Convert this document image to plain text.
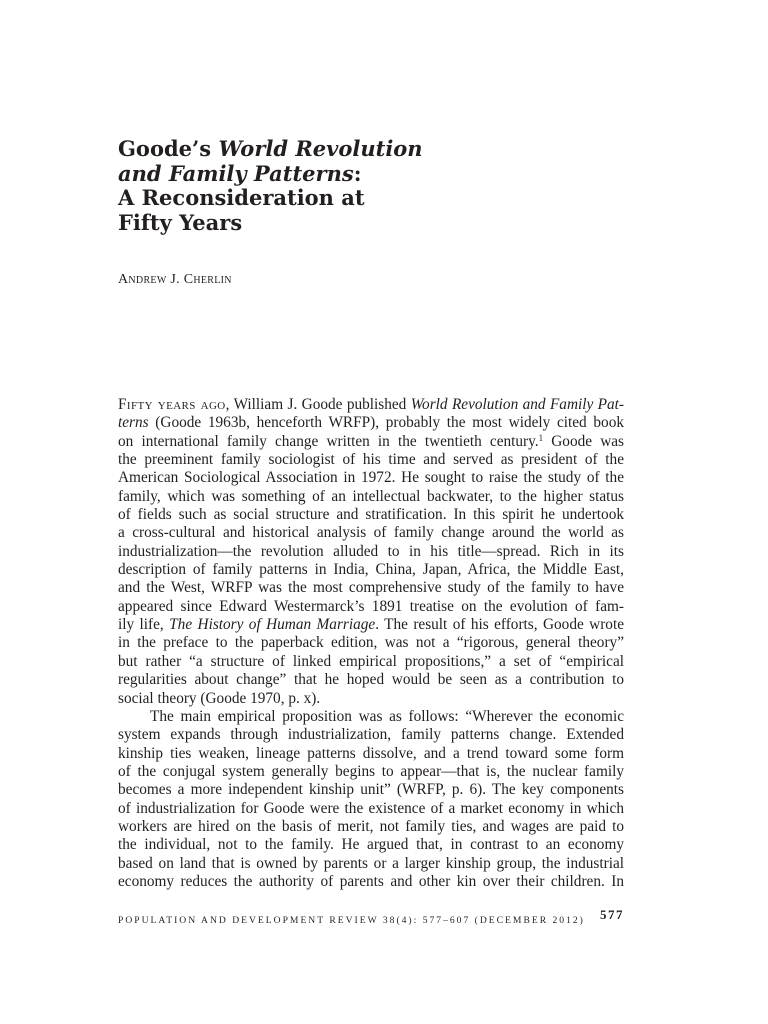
Goode’s World Revolution
and Family Patterns:
A Reconsideration at
Fifty Years
Andrew J. Cherlin
Fifty years ago, William J. Goode published World Revolution and Family Pat-
terns (Goode 1963b, henceforth WRFP), probably the most widely cited book
on international family change written in the twentieth century.$^1$ Goode was
the preeminent family sociologist of his time and served as president of the
American Sociological Association in 1972. He sought to raise the study of the
family, which was something of an intellectual backwater, to the higher status
of fields such as social structure and stratification. In this spirit he undertook
a cross-cultural and historical analysis of family change around the world as
industrialization—the revolution alluded to in his title—spread. Rich in its
description of family patterns in India, China, Japan, Africa, the Middle East,
and the West, WRFP was the most comprehensive study of the family to have
appeared since Edward Westermarck’s 1891 treatise on the evolution of fam-
ily life, The History of Human Marriage. The result of his efforts, Goode wrote
in the preface to the paperback edition, was not a “rigorous, general theory”
but rather “a structure of linked empirical propositions,” a set of “empirical
regularities about change” that he hoped would be seen as a contribution to
social theory (Goode 1970, p. x).
The main empirical proposition was as follows: “Wherever the economic
system expands through industrialization, family patterns change. Extended
kinship ties weaken, lineage patterns dissolve, and a trend toward some form
of the conjugal system generally begins to appear—that is, the nuclear family
becomes a more independent kinship unit” (WRFP, p. 6). The key components
of industrialization for Goode were the existence of a market economy in which
workers are hired on the basis of merit, not family ties, and wages are paid to
the individual, not to the family. He argued that, in contrast to an economy
based on land that is owned by parents or a larger kinship group, the industrial
economy reduces the authority of parents and other kin over their children. In
POPULATION AND DEVELOPMENT REVIEW 38(4): 577–607 (DECEMBER 2012) 577
